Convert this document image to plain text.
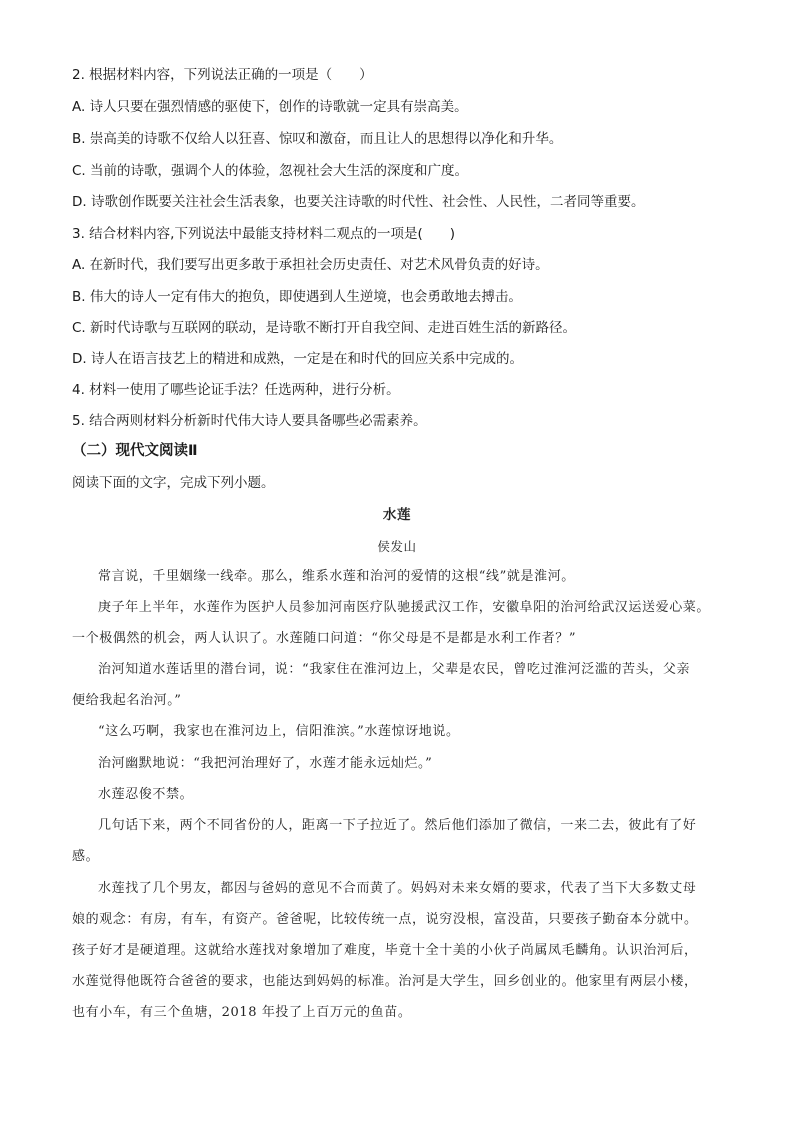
2. 根据材料内容，下列说法正确的一项是（　　）
A. 诗人只要在强烈情感的驱使下，创作的诗歌就一定具有崇高美。
B. 崇高美的诗歌不仅给人以狂喜、惊叹和激奋，而且让人的思想得以净化和升华。
C. 当前的诗歌，强调个人的体验，忽视社会大生活的深度和广度。
D. 诗歌创作既要关注社会生活表象，也要关注诗歌的时代性、社会性、人民性，二者同等重要。
3. 结合材料内容,下列说法中最能支持材料二观点的一项是(　　)
A. 在新时代，我们要写出更多敢于承担社会历史责任、对艺术风骨负责的好诗。
B. 伟大的诗人一定有伟大的抱负，即使遇到人生逆境，也会勇敢地去搏击。
C. 新时代诗歌与互联网的联动，是诗歌不断打开自我空间、走进百姓生活的新路径。
D. 诗人在语言技艺上的精进和成熟，一定是在和时代的回应关系中完成的。
4. 材料一使用了哪些论证手法？任选两种，进行分析。
5. 结合两则材料分析新时代伟大诗人要具备哪些必需素养。
（二）现代文阅读Ⅱ
阅读下面的文字，完成下列小题。
水莲
侯发山
常言说，千里姻缘一线牵。那么，维系水莲和治河的爱情的这根“线”就是淮河。
庚子年上半年，水莲作为医护人员参加河南医疗队驰援武汉工作，安徽阜阳的治河给武汉运送爱心菜。
一个极偶然的机会，两人认识了。水莲随口问道：“你父母是不是都是水利工作者？”
治河知道水莲话里的潜台词，说：“我家住在淮河边上，父辈是农民，曾吃过淮河泛滥的苦头，父亲
便给我起名治河。”
“这么巧啊，我家也在淮河边上，信阳淮滨。”水莲惊讶地说。
治河幽默地说：“我把河治理好了，水莲才能永远灿烂。”
水莲忍俊不禁。
几句话下来，两个不同省份的人，距离一下子拉近了。然后他们添加了微信，一来二去，彼此有了好
感。
水莲找了几个男友，都因与爸妈的意见不合而黄了。妈妈对未来女婿的要求，代表了当下大多数丈母
娘的观念：有房，有车，有资产。爸爸呢，比较传统一点，说穷没根，富没苗，只要孩子勤奋本分就中。
孩子好才是硬道理。这就给水莲找对象增加了难度，毕竟十全十美的小伙子尚属凤毛麟角。认识治河后，
水莲觉得他既符合爸爸的要求，也能达到妈妈的标准。治河是大学生，回乡创业的。他家里有两层小楼，
也有小车，有三个鱼塘，2018 年投了上百万元的鱼苗。
